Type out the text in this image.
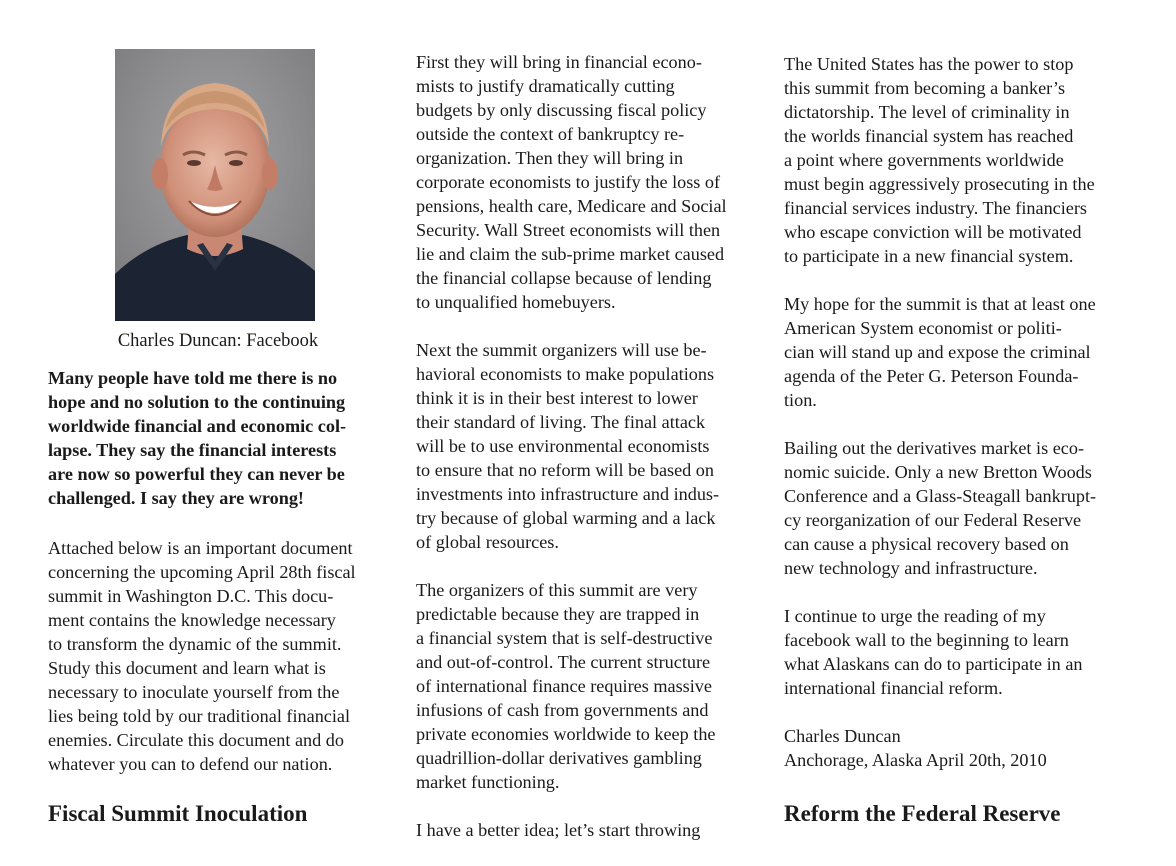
Charles Duncan: Facebook
Many people have told me there is no
hope and no solution to the continuing
worldwide financial and economic col-
lapse. They say the financial interests
are now so powerful they can never be
challenged. I say they are wrong!
Attached below is an important document
concerning the upcoming April 28th fiscal
summit in Washington D.C. This docu-
ment contains the knowledge necessary
to transform the dynamic of the summit.
Study this document and learn what is
necessary to inoculate yourself from the
lies being told by our traditional financial
enemies. Circulate this document and do
whatever you can to defend our nation.
Fiscal Summit Inoculation
First they will bring in financial econo-
mists to justify dramatically cutting
budgets by only discussing fiscal policy
outside the context of bankruptcy re-
organization. Then they will bring in
corporate economists to justify the loss of
pensions, health care, Medicare and Social
Security. Wall Street economists will then
lie and claim the sub-prime market caused
the financial collapse because of lending
to unqualified homebuyers.
Next the summit organizers will use be-
havioral economists to make populations
think it is in their best interest to lower
their standard of living. The final attack
will be to use environmental economists
to ensure that no reform will be based on
investments into infrastructure and indus-
try because of global warming and a lack
of global resources.
The organizers of this summit are very
predictable because they are trapped in
a financial system that is self-destructive
and out-of-control. The current structure
of international finance requires massive
infusions of cash from governments and
private economies worldwide to keep the
quadrillion-dollar derivatives gambling
market functioning.
I have a better idea; let’s start throwing
The United States has the power to stop
this summit from becoming a banker’s
dictatorship. The level of criminality in
the worlds financial system has reached
a point where governments worldwide
must begin aggressively prosecuting in the
financial services industry. The financiers
who escape conviction will be motivated
to participate in a new financial system.
My hope for the summit is that at least one
American System economist or politi-
cian will stand up and expose the criminal
agenda of the Peter G. Peterson Founda-
tion.
Bailing out the derivatives market is eco-
nomic suicide. Only a new Bretton Woods
Conference and a Glass-Steagall bankrupt-
cy reorganization of our Federal Reserve
can cause a physical recovery based on
new technology and infrastructure.
I continue to urge the reading of my
facebook wall to the beginning to learn
what Alaskans can do to participate in an
international financial reform.
Charles Duncan
Anchorage, Alaska April 20th, 2010
Reform the Federal Reserve
